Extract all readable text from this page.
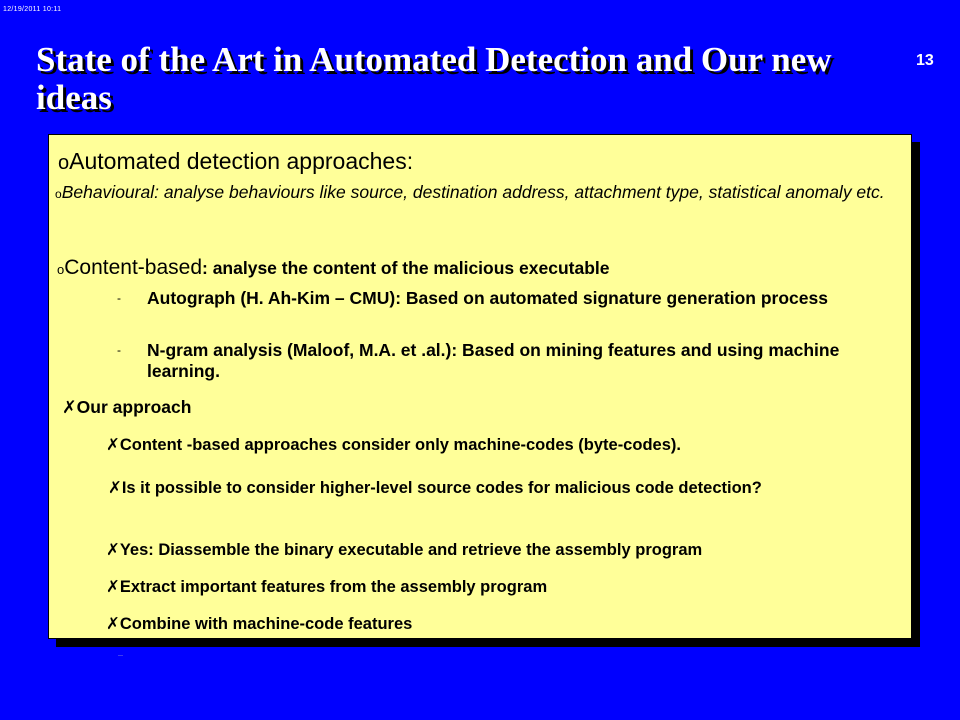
12/19/2011 10:11
13
State of the Art in Automated Detection and Our new ideas
oAutomated detection approaches:
oBehavioural: analyse behaviours like source, destination address, attachment type, statistical anomaly etc.
oContent-based: analyse the content of the malicious executable
- Autograph (H. Ah-Kim – CMU): Based on automated signature generation process
- N-gram analysis (Maloof, M.A. et .al.): Based on mining features and using machine learning.
✗Our approach
✗Content -based approaches consider only machine-codes (byte-codes).
✗Is it possible to consider higher-level source codes for malicious code detection?
✗Yes: Diassemble the binary executable and retrieve the assembly program
✗Extract important features from the assembly program
✗Combine with machine-code features
